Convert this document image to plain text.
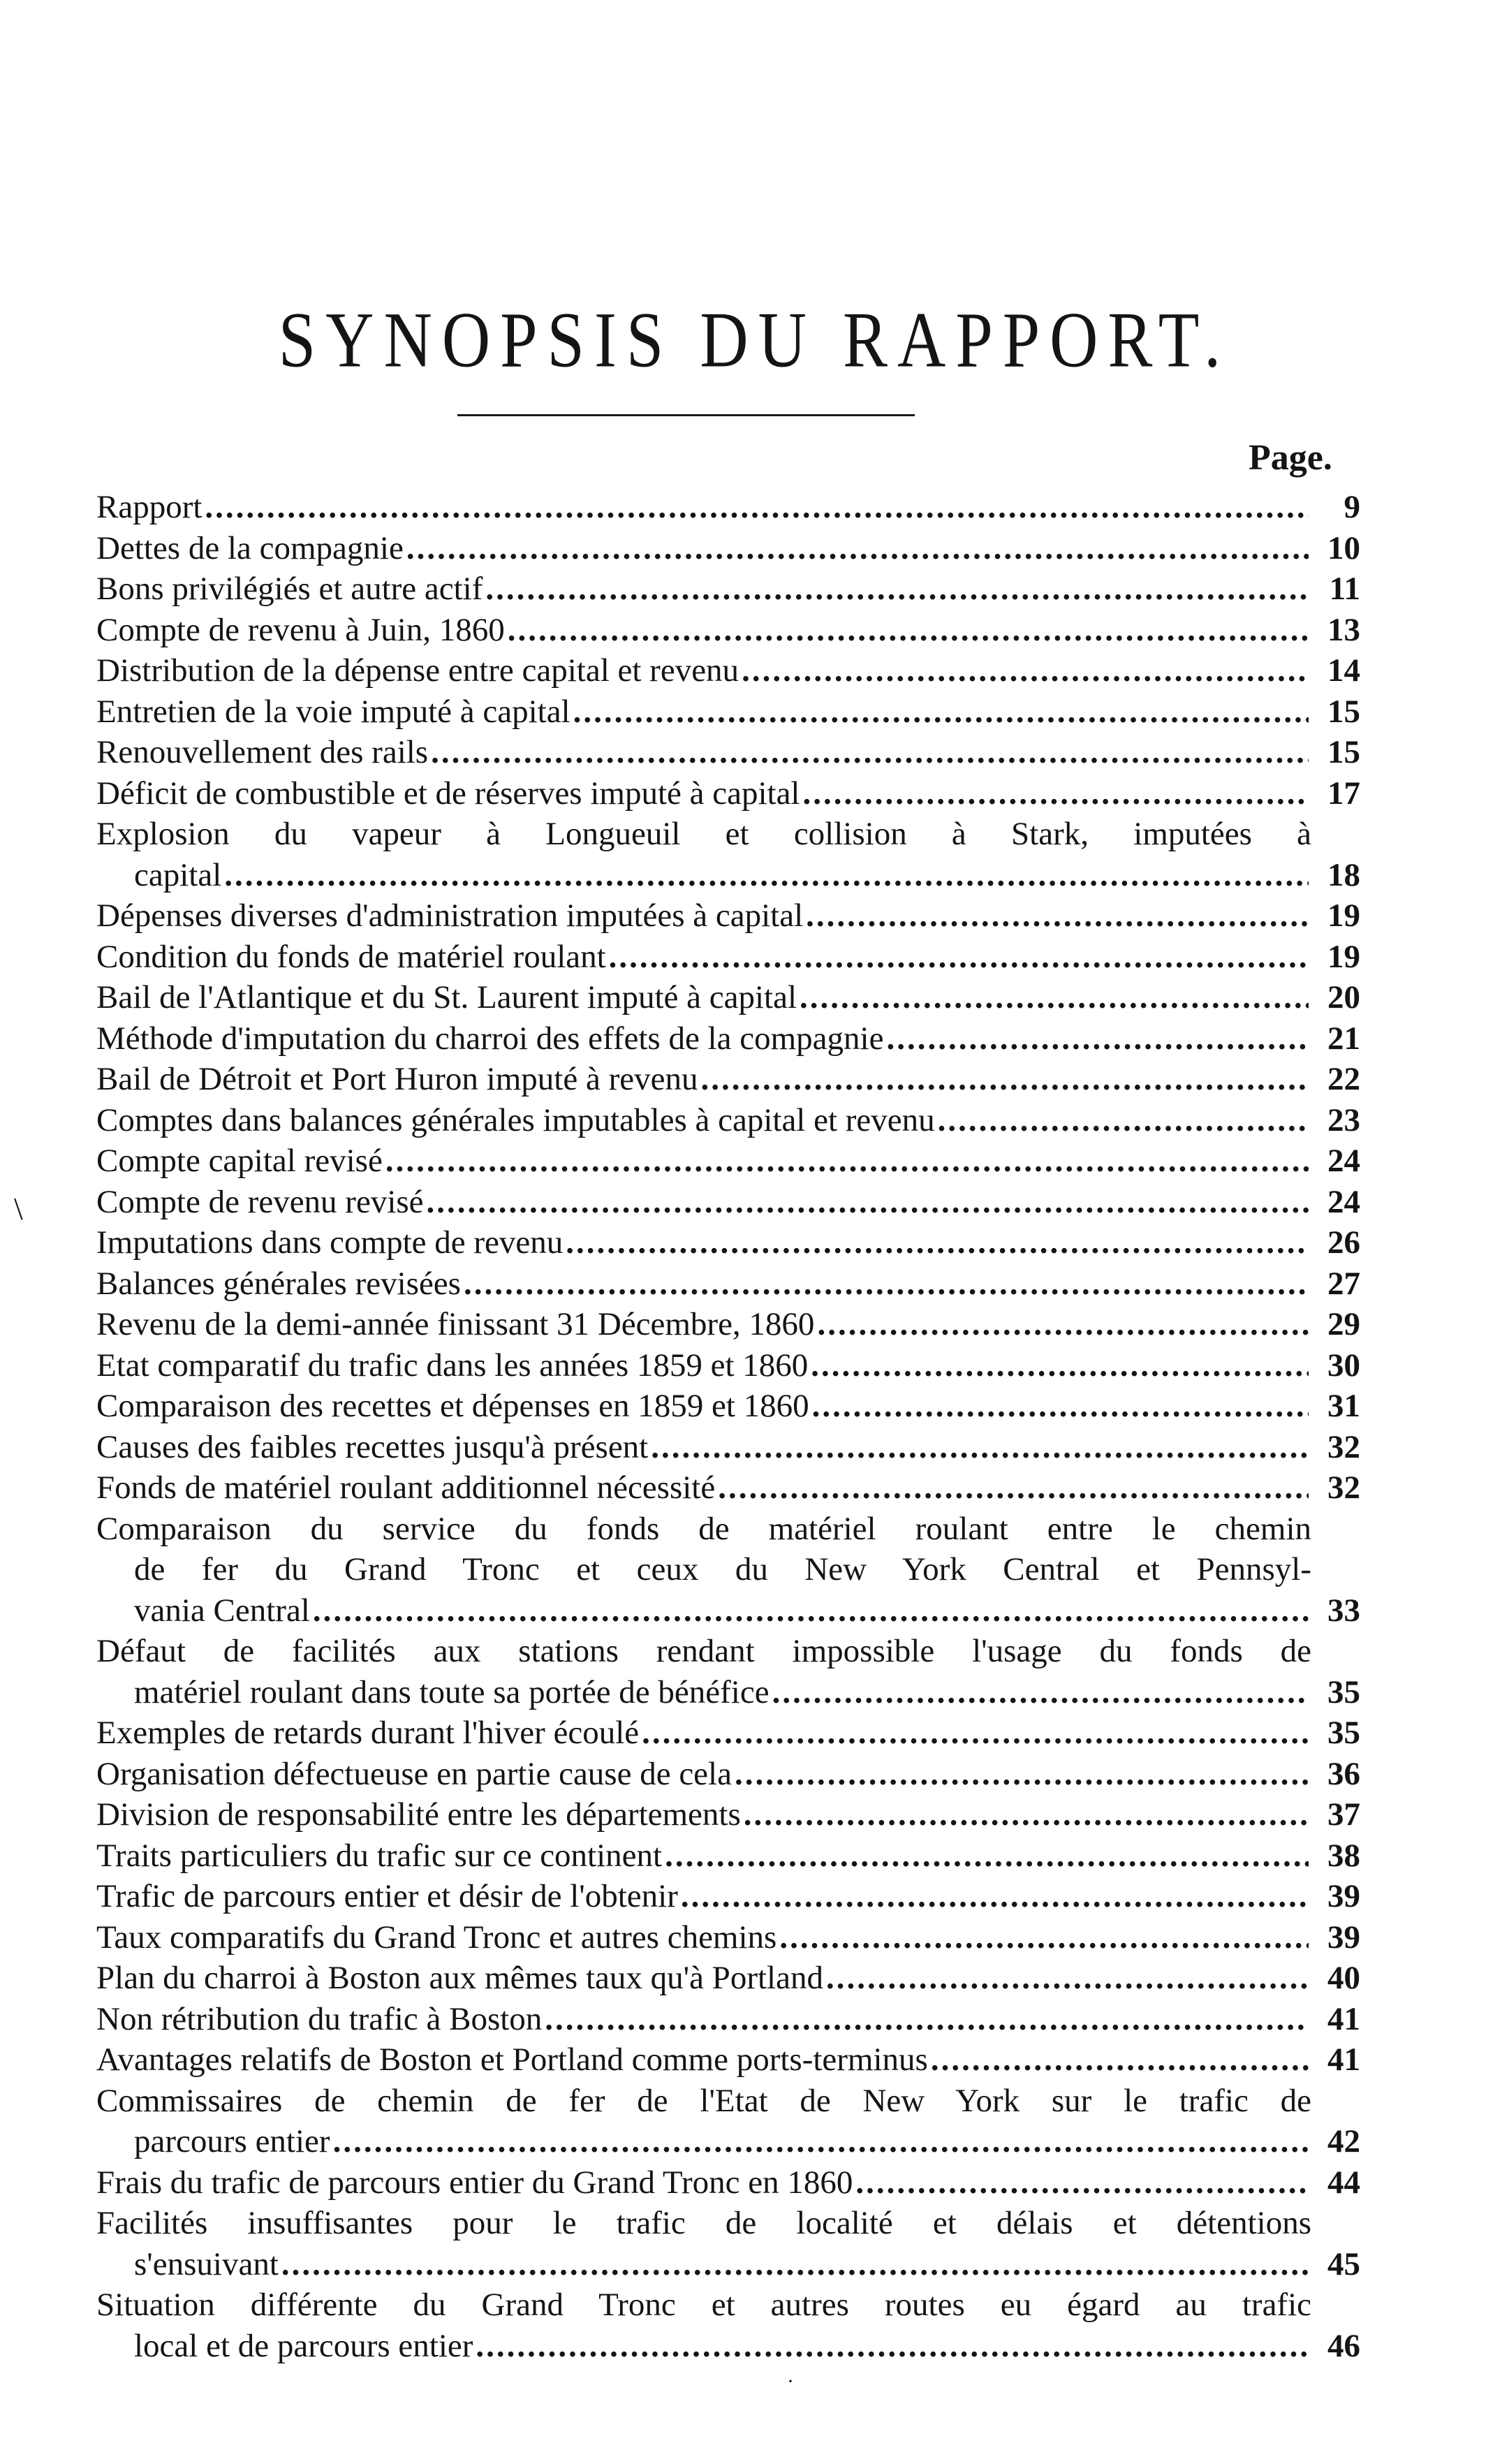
SYNOPSIS DU RAPPORT.
Page.
Rapport .....	9
Dettes de la compagnie .....	10
Bons privilégiés et autre actif .....	11
Compte de revenu à Juin, 1860 .....	13
Distribution de la dépense entre capital et revenu .....	14
Entretien de la voie imputé à capital .....	15
Renouvellement des rails .....	15
Déficit de combustible et de réserves imputé à capital .....	17
Explosion du vapeur à Longueuil et collision à Stark, imputées à
capital .....	18
Dépenses diverses d'administration imputées à capital .....	19
Condition du fonds de matériel roulant .....	19
Bail de l'Atlantique et du St. Laurent imputé à capital .....	20
Méthode d'imputation du charroi des effets de la compagnie .....	21
Bail de Détroit et Port Huron imputé à revenu .....	22
Comptes dans balances générales imputables à capital et revenu .....	23
Compte capital revisé .....	24
Compte de revenu revisé .....	24
Imputations dans compte de revenu .....	26
Balances générales revisées .....	27
Revenu de la demi-année finissant 31 Décembre, 1860 .....	29
Etat comparatif du trafic dans les années 1859 et 1860 .....	30
Comparaison des recettes et dépenses en 1859 et 1860 .....	31
Causes des faibles recettes jusqu'à présent .....	32
Fonds de matériel roulant additionnel nécessité .....	32
Comparaison du service du fonds de matériel roulant entre le chemin
de fer du Grand Tronc et ceux du New York Central et Pennsyl-
vania Central .....	33
Défaut de facilités aux stations rendant impossible l'usage du fonds de
matériel roulant dans toute sa portée de bénéfice .....	35
Exemples de retards durant l'hiver écoulé .....	35
Organisation défectueuse en partie cause de cela .....	36
Division de responsabilité entre les départements .....	37
Traits particuliers du trafic sur ce continent .....	38
Trafic de parcours entier et désir de l'obtenir .....	39
Taux comparatifs du Grand Tronc et autres chemins .....	39
Plan du charroi à Boston aux mêmes taux qu'à Portland .....	40
Non rétribution du trafic à Boston .....	41
Avantages relatifs de Boston et Portland comme ports-terminus .....	41
Commissaires de chemin de fer de l'Etat de New York sur le trafic de
parcours entier .....	42
Frais du trafic de parcours entier du Grand Tronc en 1860 .....	44
Facilités insuffisantes pour le trafic de localité et délais et détentions
s'ensuivant .....	45
Situation différente du Grand Tronc et autres routes eu égard au trafic
local et de parcours entier .....	46
\
·
